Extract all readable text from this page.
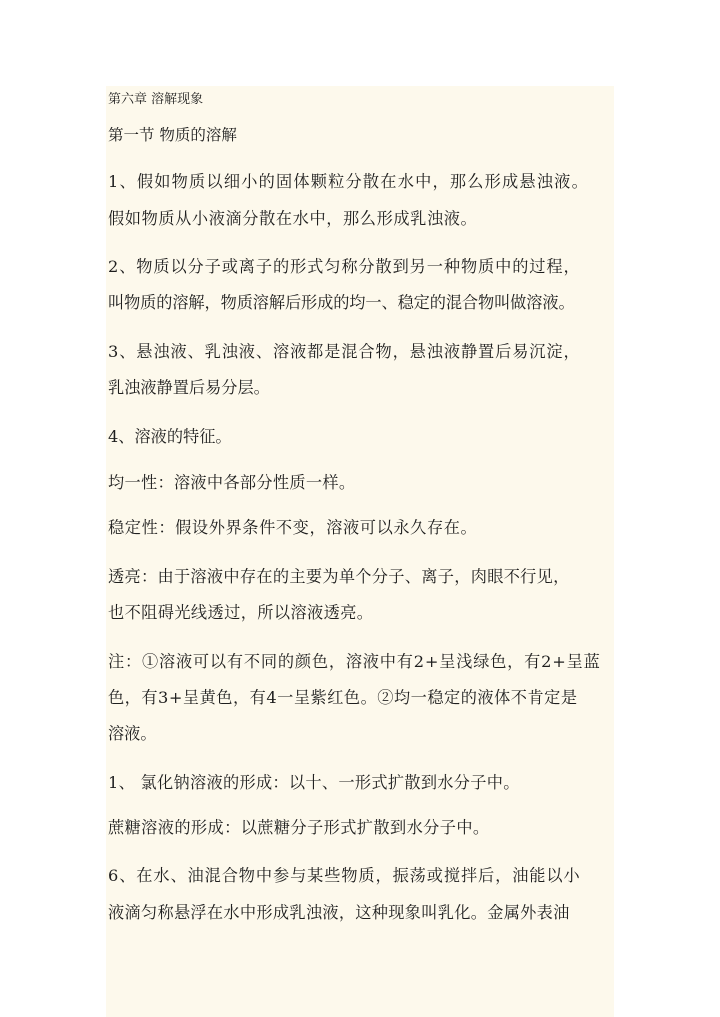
第六章 溶解现象
第一节 物质的溶解
1、假如物质以细小的固体颗粒分散在水中，那么形成悬浊液。
假如物质从小液滴分散在水中，那么形成乳浊液。
2、物质以分子或离子的形式匀称分散到另一种物质中的过程，
叫物质的溶解，物质溶解后形成的均一、稳定的混合物叫做溶液。
3、悬浊液、乳浊液、溶液都是混合物，悬浊液静置后易沉淀，
乳浊液静置后易分层。
4、溶液的特征。
均一性：溶液中各部分性质一样。
稳定性：假设外界条件不变，溶液可以永久存在。
透亮：由于溶液中存在的主要为单个分子、离子，肉眼不行见，
也不阻碍光线透过，所以溶液透亮。
注：①溶液可以有不同的颜色，溶液中有2+呈浅绿色，有2+呈蓝
色，有3+呈黄色，有4一呈紫红色。②均一稳定的液体不肯定是
溶液。
1、 氯化钠溶液的形成：以十、一形式扩散到水分子中。
蔗糖溶液的形成：以蔗糖分子形式扩散到水分子中。
6、在水、油混合物中参与某些物质，振荡或搅拌后，油能以小
液滴匀称悬浮在水中形成乳浊液，这种现象叫乳化。金属外表油
